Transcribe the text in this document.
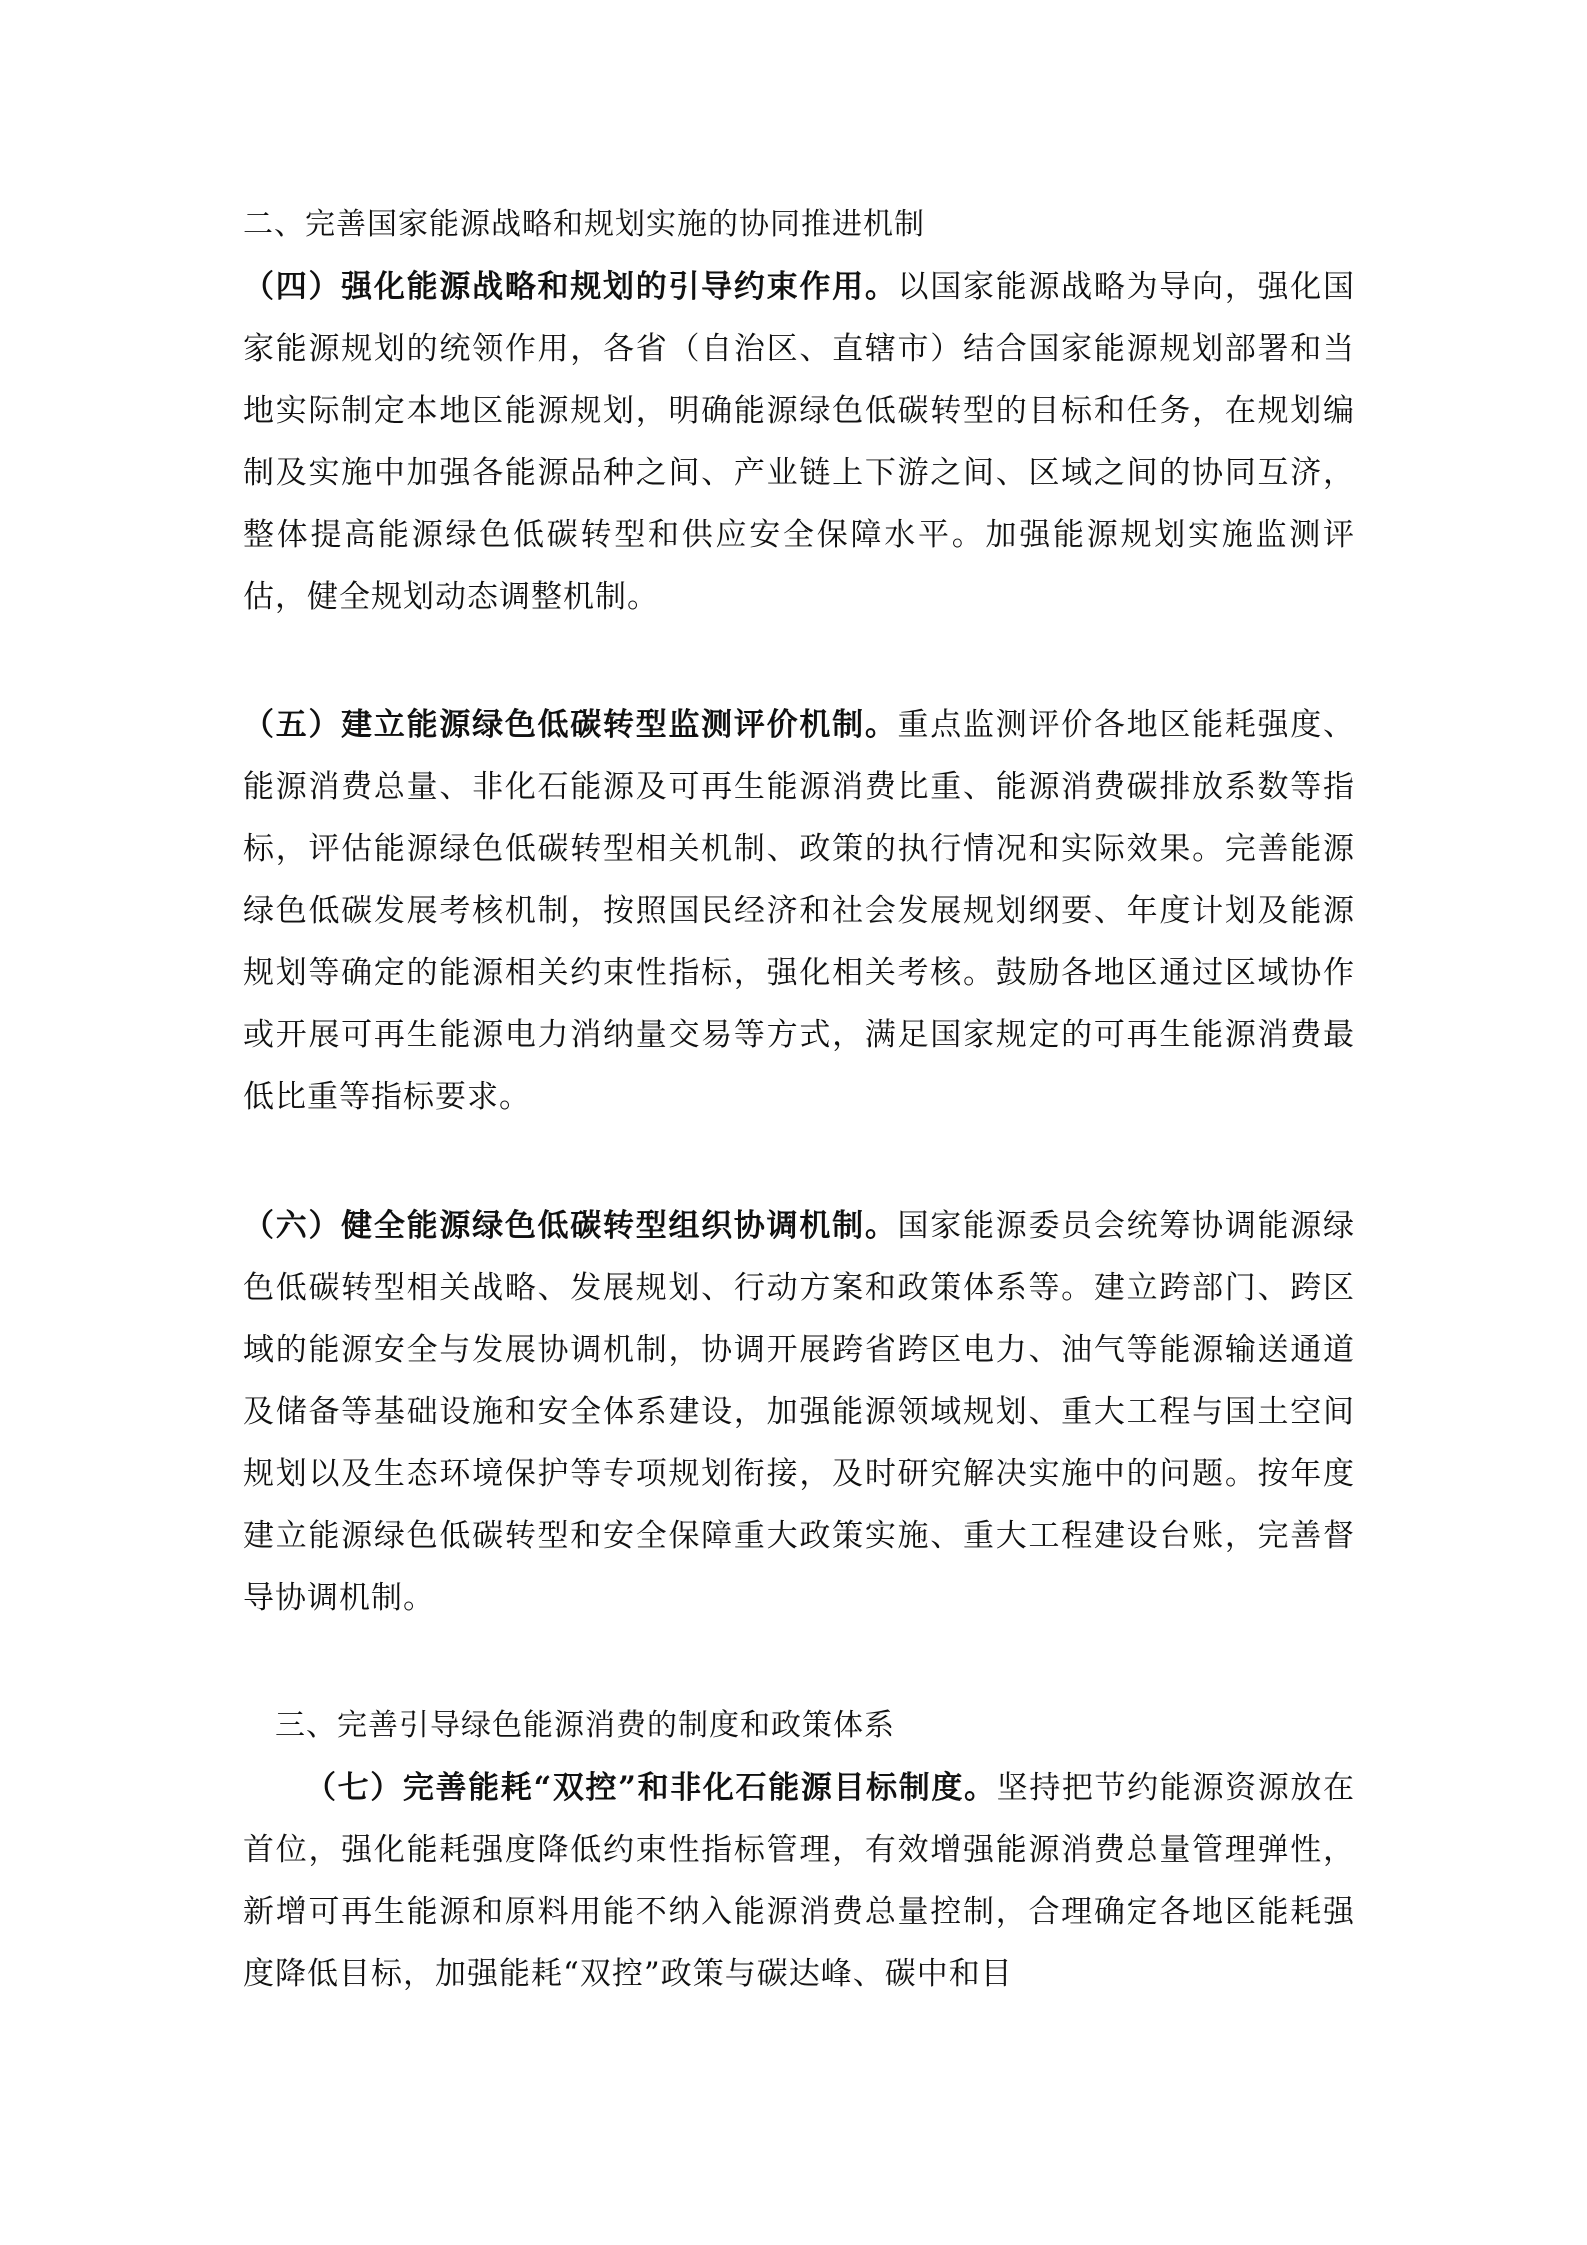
二、完善国家能源战略和规划实施的协同推进机制
（四）强化能源战略和规划的引导约束作用。以国家能源战略为导向，强化国家能源规划的统领作用，各省（自治区、直辖市）结合国家能源规划部署和当地实际制定本地区能源规划，明确能源绿色低碳转型的目标和任务，在规划编制及实施中加强各能源品种之间、产业链上下游之间、区域之间的协同互济，整体提高能源绿色低碳转型和供应安全保障水平。加强能源规划实施监测评估，健全规划动态调整机制。
（五）建立能源绿色低碳转型监测评价机制。重点监测评价各地区能耗强度、能源消费总量、非化石能源及可再生能源消费比重、能源消费碳排放系数等指标，评估能源绿色低碳转型相关机制、政策的执行情况和实际效果。完善能源绿色低碳发展考核机制，按照国民经济和社会发展规划纲要、年度计划及能源规划等确定的能源相关约束性指标，强化相关考核。鼓励各地区通过区域协作或开展可再生能源电力消纳量交易等方式，满足国家规定的可再生能源消费最低比重等指标要求。
（六）健全能源绿色低碳转型组织协调机制。国家能源委员会统筹协调能源绿色低碳转型相关战略、发展规划、行动方案和政策体系等。建立跨部门、跨区域的能源安全与发展协调机制，协调开展跨省跨区电力、油气等能源输送通道及储备等基础设施和安全体系建设，加强能源领域规划、重大工程与国土空间规划以及生态环境保护等专项规划衔接，及时研究解决实施中的问题。按年度建立能源绿色低碳转型和安全保障重大政策实施、重大工程建设台账，完善督导协调机制。
三、完善引导绿色能源消费的制度和政策体系
（七）完善能耗“双控”和非化石能源目标制度。坚持把节约能源资源放在首位，强化能耗强度降低约束性指标管理，有效增强能源消费总量管理弹性，新增可再生能源和原料用能不纳入能源消费总量控制，合理确定各地区能耗强度降低目标，加强能耗“双控”政策与碳达峰、碳中和目
